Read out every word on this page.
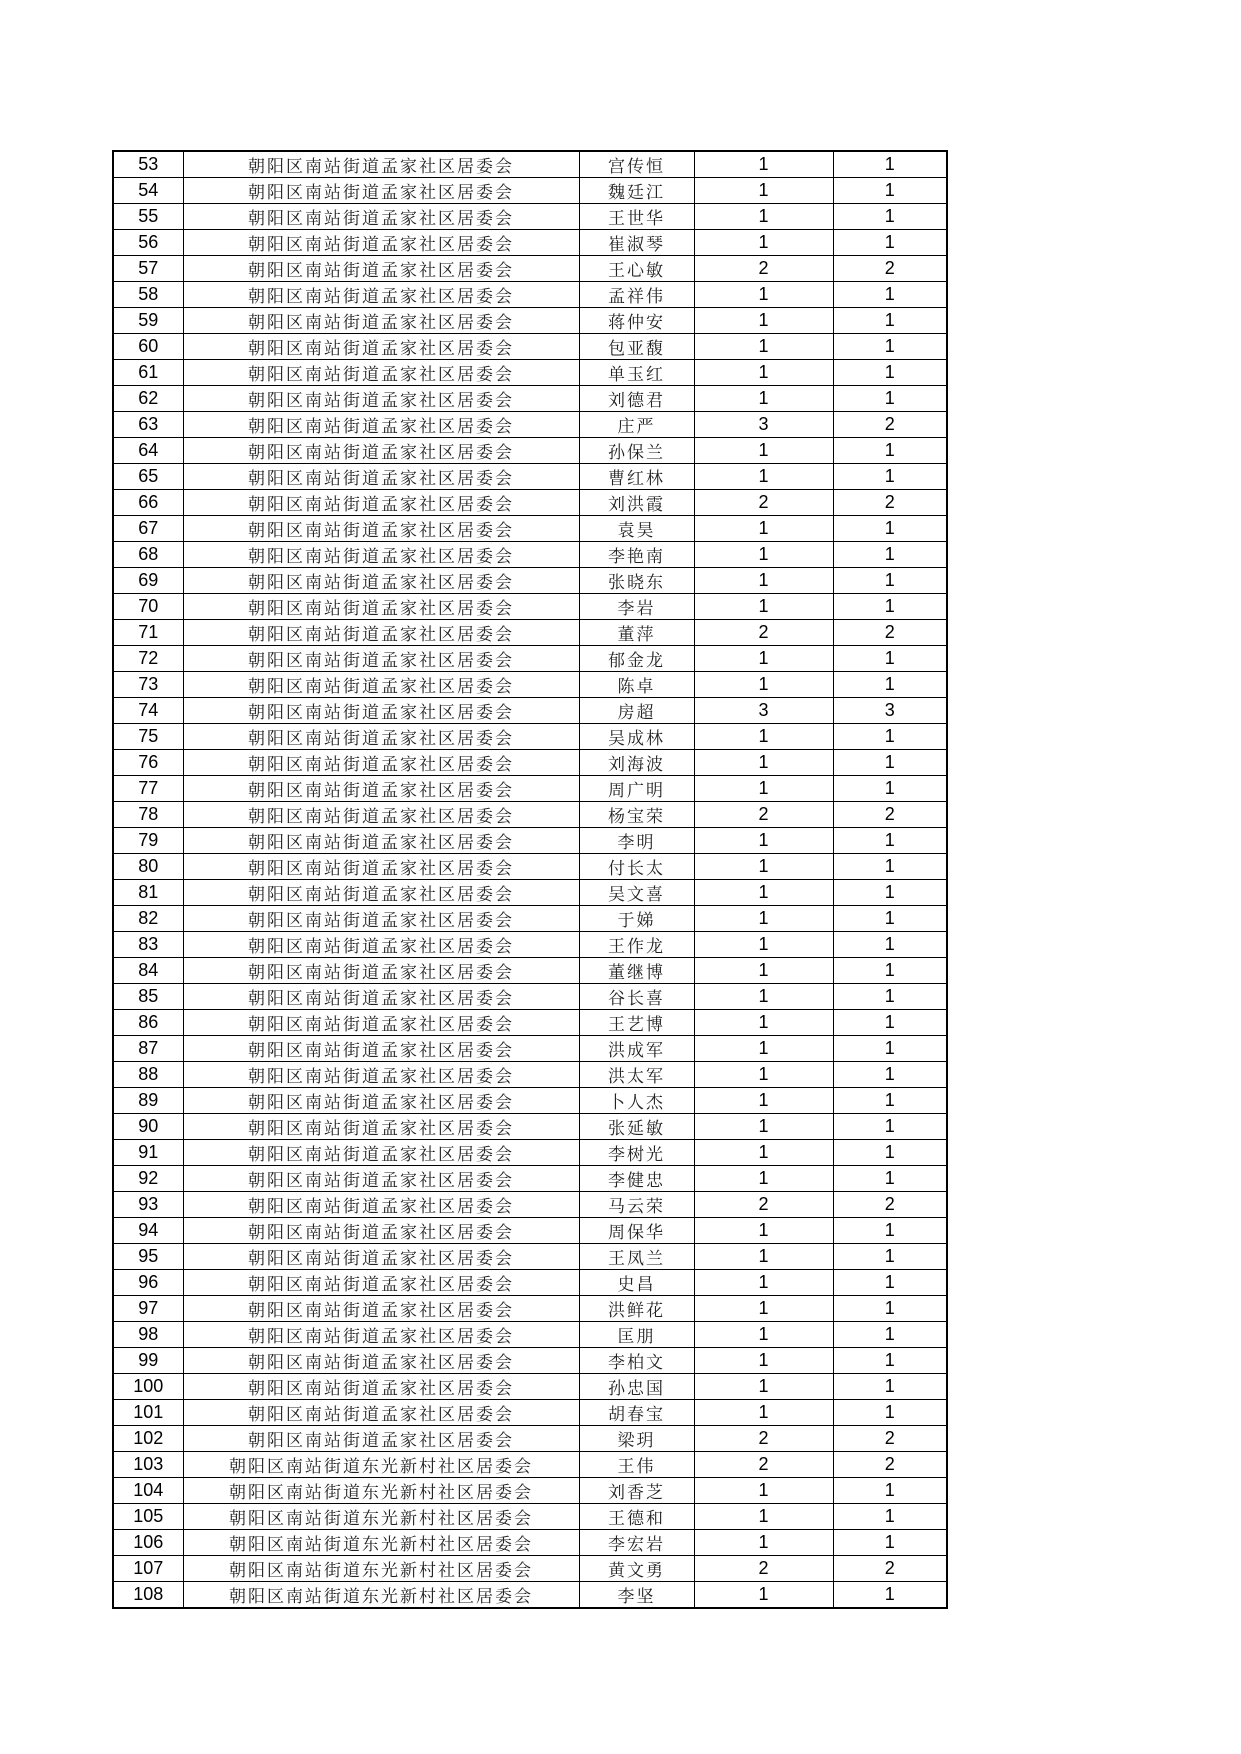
53	朝阳区南站街道孟家社区居委会	宫传恒	1	1
54	朝阳区南站街道孟家社区居委会	魏廷江	1	1
55	朝阳区南站街道孟家社区居委会	王世华	1	1
56	朝阳区南站街道孟家社区居委会	崔淑琴	1	1
57	朝阳区南站街道孟家社区居委会	王心敏	2	2
58	朝阳区南站街道孟家社区居委会	孟祥伟	1	1
59	朝阳区南站街道孟家社区居委会	蒋仲安	1	1
60	朝阳区南站街道孟家社区居委会	包亚馥	1	1
61	朝阳区南站街道孟家社区居委会	单玉红	1	1
62	朝阳区南站街道孟家社区居委会	刘德君	1	1
63	朝阳区南站街道孟家社区居委会	庄严	3	2
64	朝阳区南站街道孟家社区居委会	孙保兰	1	1
65	朝阳区南站街道孟家社区居委会	曹红林	1	1
66	朝阳区南站街道孟家社区居委会	刘洪霞	2	2
67	朝阳区南站街道孟家社区居委会	袁昊	1	1
68	朝阳区南站街道孟家社区居委会	李艳南	1	1
69	朝阳区南站街道孟家社区居委会	张晓东	1	1
70	朝阳区南站街道孟家社区居委会	李岩	1	1
71	朝阳区南站街道孟家社区居委会	董萍	2	2
72	朝阳区南站街道孟家社区居委会	郁金龙	1	1
73	朝阳区南站街道孟家社区居委会	陈卓	1	1
74	朝阳区南站街道孟家社区居委会	房超	3	3
75	朝阳区南站街道孟家社区居委会	吴成林	1	1
76	朝阳区南站街道孟家社区居委会	刘海波	1	1
77	朝阳区南站街道孟家社区居委会	周广明	1	1
78	朝阳区南站街道孟家社区居委会	杨宝荣	2	2
79	朝阳区南站街道孟家社区居委会	李明	1	1
80	朝阳区南站街道孟家社区居委会	付长太	1	1
81	朝阳区南站街道孟家社区居委会	吴文喜	1	1
82	朝阳区南站街道孟家社区居委会	于娣	1	1
83	朝阳区南站街道孟家社区居委会	王作龙	1	1
84	朝阳区南站街道孟家社区居委会	董继博	1	1
85	朝阳区南站街道孟家社区居委会	谷长喜	1	1
86	朝阳区南站街道孟家社区居委会	王艺博	1	1
87	朝阳区南站街道孟家社区居委会	洪成军	1	1
88	朝阳区南站街道孟家社区居委会	洪太军	1	1
89	朝阳区南站街道孟家社区居委会	卜人杰	1	1
90	朝阳区南站街道孟家社区居委会	张延敏	1	1
91	朝阳区南站街道孟家社区居委会	李树光	1	1
92	朝阳区南站街道孟家社区居委会	李健忠	1	1
93	朝阳区南站街道孟家社区居委会	马云荣	2	2
94	朝阳区南站街道孟家社区居委会	周保华	1	1
95	朝阳区南站街道孟家社区居委会	王凤兰	1	1
96	朝阳区南站街道孟家社区居委会	史昌	1	1
97	朝阳区南站街道孟家社区居委会	洪鲜花	1	1
98	朝阳区南站街道孟家社区居委会	匡朋	1	1
99	朝阳区南站街道孟家社区居委会	李柏文	1	1
100	朝阳区南站街道孟家社区居委会	孙忠国	1	1
101	朝阳区南站街道孟家社区居委会	胡春宝	1	1
102	朝阳区南站街道孟家社区居委会	梁玥	2	2
103	朝阳区南站街道东光新村社区居委会	王伟	2	2
104	朝阳区南站街道东光新村社区居委会	刘香芝	1	1
105	朝阳区南站街道东光新村社区居委会	王德和	1	1
106	朝阳区南站街道东光新村社区居委会	李宏岩	1	1
107	朝阳区南站街道东光新村社区居委会	黄文勇	2	2
108	朝阳区南站街道东光新村社区居委会	李坚	1	1
